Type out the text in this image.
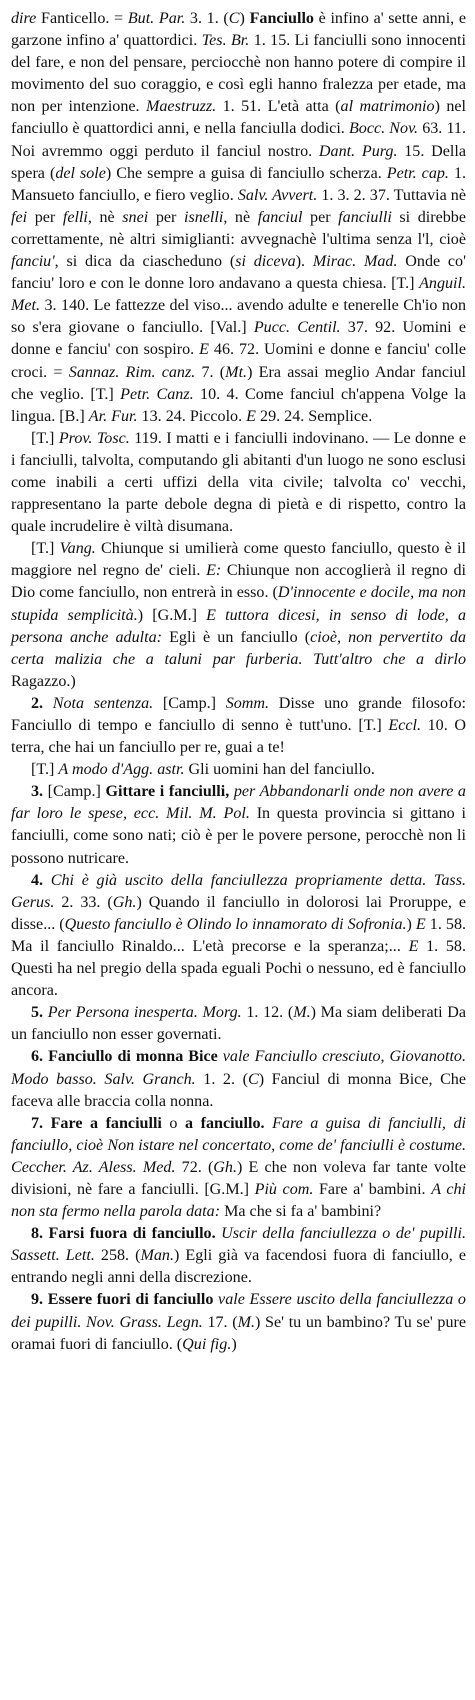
dire Fanticello. = But. Par. 3. 1. (C) Fanciullo è infino a' sette anni, e garzone infino a' quattordici. Tes. Br. 1. 15. Li fanciulli sono innocenti del fare, e non del pensare, perciocchè non hanno potere di compire il movimento del suo coraggio, e così egli hanno fralezza per etade, ma non per intenzione. Maestruzz. 1. 51. L'età atta (al matrimonio) nel fanciullo è quattordici anni, e nella fanciulla dodici. Bocc. Nov. 63. 11. Noi avremmo oggi perduto il fanciul nostro. Dant. Purg. 15. Della spera (del sole) Che sempre a guisa di fanciullo scherza. Petr. cap. 1. Mansueto fanciullo, e fiero veglio. Salv. Avvert. 1. 3. 2. 37. Tuttavia nè fei per felli, nè snei per isnelli, nè fanciul per fanciulli si direbbe correttamente, nè altri simiglianti: avvegnachè l'ultima senza l'l, cioè fanciu', si dica da ciascheduno (si diceva). Mirac. Mad. Onde co' fanciu' loro e con le donne loro andavano a questa chiesa. [T.] Anguil. Met. 3. 140. Le fattezze del viso... avendo adulte e tenerelle Ch'io non so s'era giovane o fanciullo. [Val.] Pucc. Centil. 37. 92. Uomini e donne e fanciu' con sospiro. E 46. 72. Uomini e donne e fanciu' colle croci. = Sannaz. Rim. canz. 7. (Mt.) Era assai meglio Andar fanciul che veglio. [T.] Petr. Canz. 10. 4. Come fanciul ch'appena Volge la lingua. [B.] Ar. Fur. 13. 24. Piccolo. E 29. 24. Semplice.
[T.] Prov. Tosc. 119. I matti e i fanciulli indovinano. — Le donne e i fanciulli, talvolta, computando gli abitanti d'un luogo ne sono esclusi come inabili a certi uffizi della vita civile; talvolta co' vecchi, rappresentano la parte debole degna di pietà e di rispetto, contro la quale incrudelire è viltà disumana.
[T.] Vang. Chiunque si umilierà come questo fanciullo, questo è il maggiore nel regno de' cieli. E: Chiunque non accoglierà il regno di Dio come fanciullo, non entrerà in esso. (D'innocente e docile, ma non stupida semplicità.) [G.M.] E tuttora dicesi, in senso di lode, a persona anche adulta: Egli è un fanciullo (cioè, non pervertito da certa malizia che a taluni par furberia. Tutt'altro che a dirlo Ragazzo.)
2. Nota sentenza. [Camp.] Somm. Disse uno grande filosofo: Fanciullo di tempo e fanciullo di senno è tutt'uno. [T.] Eccl. 10. O terra, che hai un fanciullo per re, guai a te!
[T.] A modo d'Agg. astr. Gli uomini han del fanciullo.
3. [Camp.] Gittare i fanciulli, per Abbandonarli onde non avere a far loro le spese, ecc. Mil. M. Pol. In questa provincia si gittano i fanciulli, come sono nati; ciò è per le povere persone, perocchè non li possono nutricare.
4. Chi è già uscito della fanciullezza propriamente detta. Tass. Gerus. 2. 33. (Gh.) Quando il fanciullo in dolorosi lai Proruppe, e disse... (Questo fanciullo è Olindo lo innamorato di Sofronia.) E 1. 58. Ma il fanciullo Rinaldo... L'età precorse e la speranza;... E 1. 58. Questi ha nel pregio della spada eguali Pochi o nessuno, ed è fanciullo ancora.
5. Per Persona inesperta. Morg. 1. 12. (M.) Ma siam deliberati Da un fanciullo non esser governati.
6. Fanciullo di monna Bice vale Fanciullo cresciuto, Giovanotto. Modo basso. Salv. Granch. 1. 2. (C) Fanciul di monna Bice, Che faceva alle braccia colla nonna.
7. Fare a fanciulli o a fanciullo. Fare a guisa di fanciulli, di fanciullo, cioè Non istare nel concertato, come de' fanciulli è costume. Ceccher. Az. Aless. Med. 72. (Gh.) E che non voleva far tante volte divisioni, nè fare a fanciulli. [G.M.] Più com. Fare a' bambini. A chi non sta fermo nella parola data: Ma che si fa a' bambini?
8. Farsi fuora di fanciullo. Uscir della fanciullezza o de' pupilli. Sassett. Lett. 258. (Man.) Egli già va facendosi fuora di fanciullo, e entrando negli anni della discrezione.
9. Essere fuori di fanciullo vale Essere uscito della fanciullezza o dei pupilli. Nov. Grass. Legn. 17. (M.) Se' tu un bambino? Tu se' pure oramai fuori di fanciullo. (Qui fig.)
